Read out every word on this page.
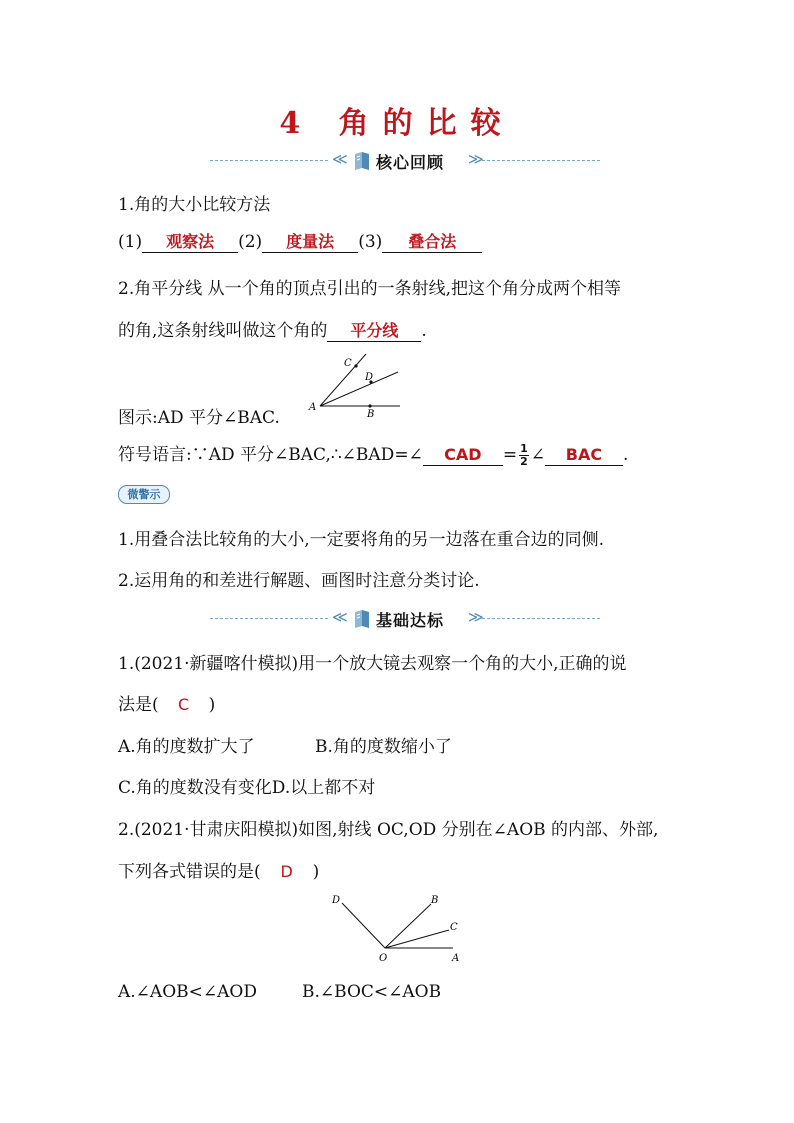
4 角的比较
≪ 核心回顾 ≫
1.角的大小比较方法
(1) 观察法 (2) 度量法 (3) 叠合法
2.角平分线 从一个角的顶点引出的一条射线,把这个角分成两个相等
的角,这条射线叫做这个角的 平分线 .
A
B
C
D
图示:AD 平分∠BAC.
符号语言:∵AD 平分∠BAC,∴∠BAD=∠ CAD = $\frac{1}{2}$ ∠ BAC .
微警示
1.用叠合法比较角的大小,一定要将角的另一边落在重合边的同侧.
2.运用角的和差进行解题、画图时注意分类讨论.
≪ 基础达标 ≫
1.(2021·新疆喀什模拟)用一个放大镜去观察一个角的大小,正确的说
法是( C )
A.角的度数扩大了	B.角的度数缩小了
C.角的度数没有变化D.以上都不对
2.(2021·甘肃庆阳模拟)如图,射线 OC,OD 分别在∠AOB 的内部、外部,
下列各式错误的是( D )
O	A
B
C
D
A.∠AOB<∠AOD	B.∠BOC<∠AOB
